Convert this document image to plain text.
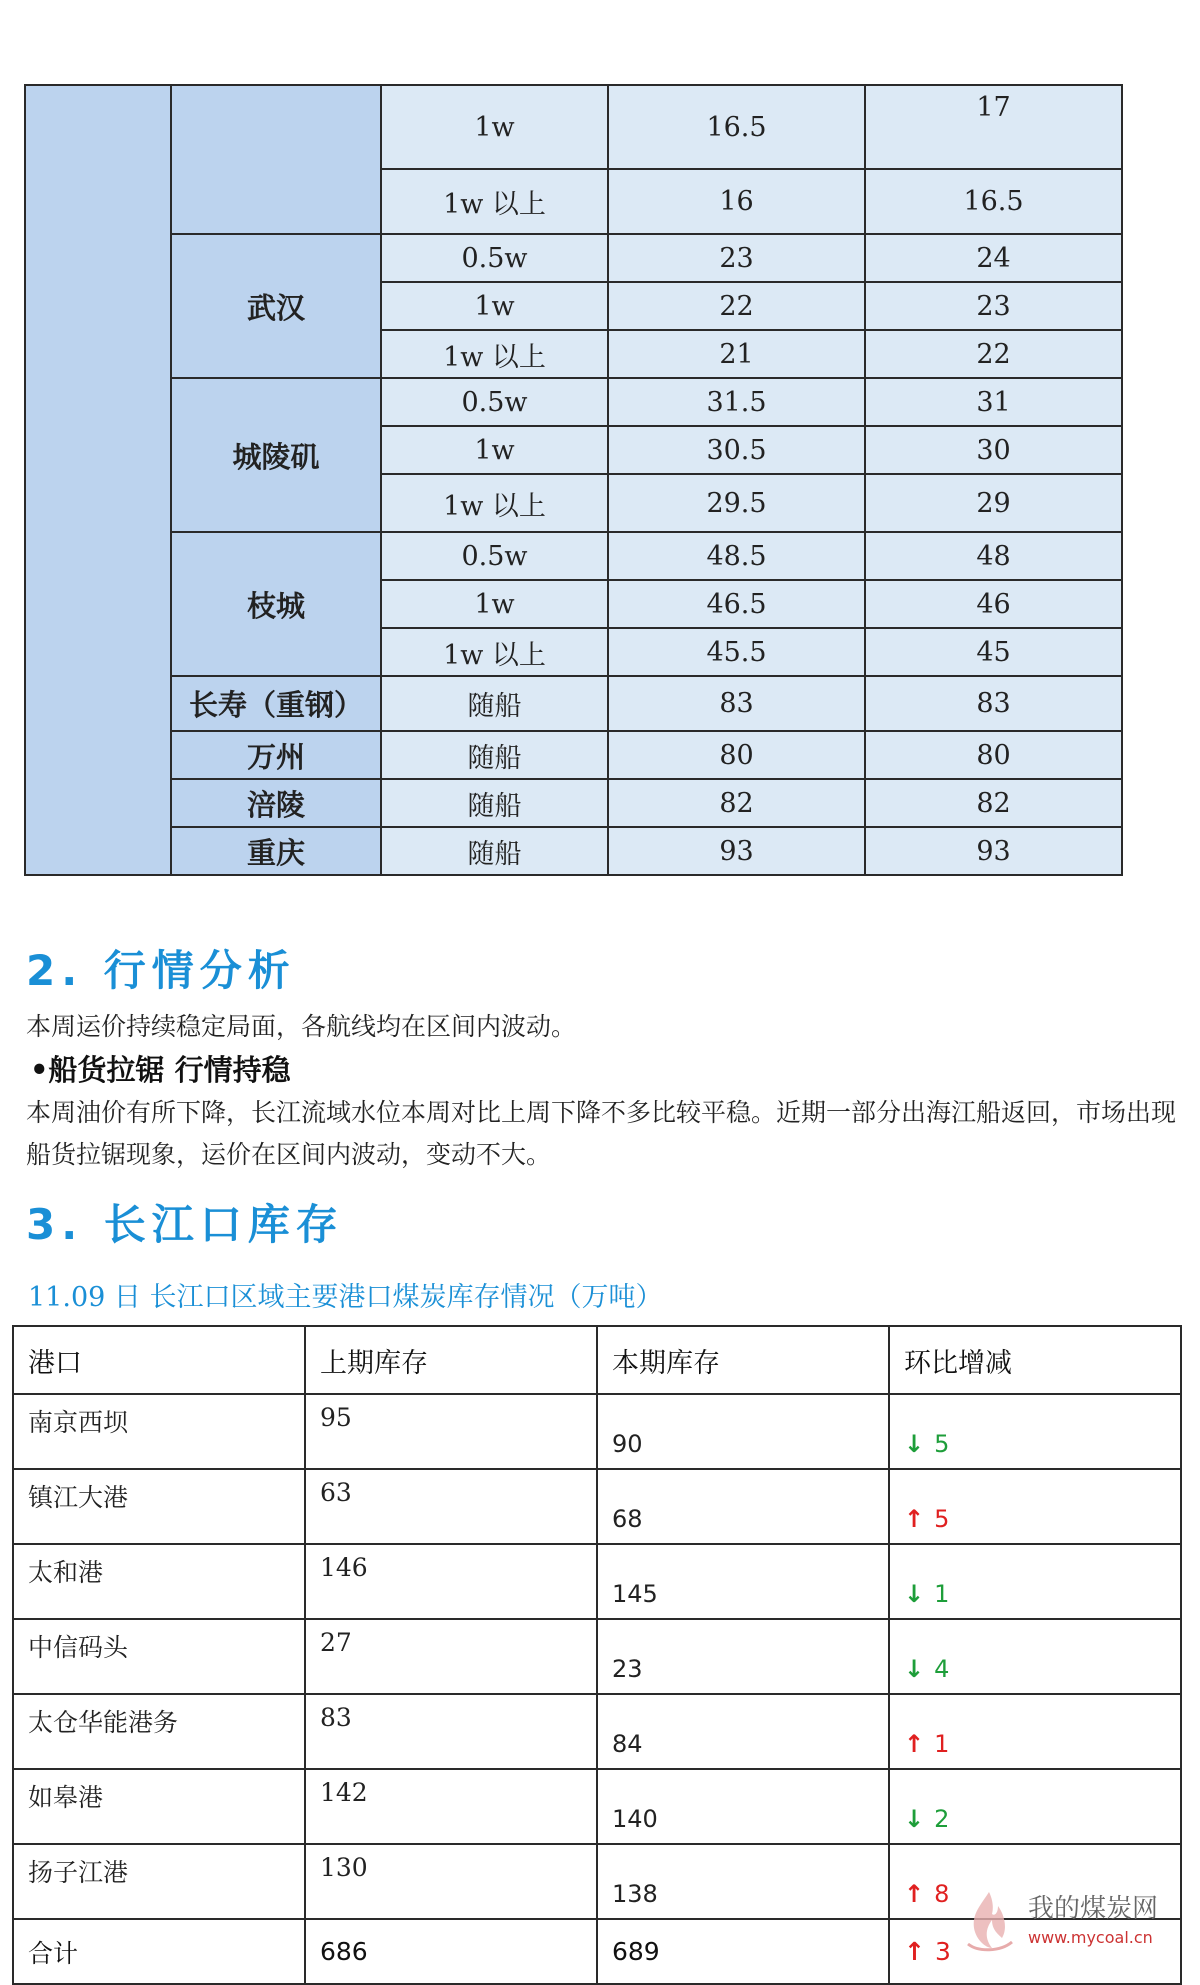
		1w	16.5	17
		1w 以上	16	16.5
	武汉	0.5w	23	24
		1w	22	23
		1w 以上	21	22
	城陵矶	0.5w	31.5	31
		1w	30.5	30
		1w 以上	29.5	29
	枝城	0.5w	48.5	48
		1w	46.5	46
		1w 以上	45.5	45
	长寿（重钢）	随船	83	83
	万州	随船	80	80
	涪陵	随船	82	82
	重庆	随船	93	93
2. 行情分析

本周运价持续稳定局面，各航线均在区间内波动。

•船货拉锯 行情持稳

本周油价有所下降，长江流域水位本周对比上周下降不多比较平稳。近期一部分出海江船返回，市场出现船货拉锯现象，运价在区间内波动，变动不大。

3. 长江口库存

11.09 日 长江口区域主要港口煤炭库存情况（万吨）

港口	上期库存	本期库存	环比增减
南京西坝	95	90	↓ 5
镇江大港	63	68	↑ 5
太和港	146	145	↓ 1
中信码头	27	23	↓ 4
太仓华能港务	83	84	↑ 1
如皋港	142	140	↓ 2
扬子江港	130	138	↑ 8
合计	686	689	↑ 3
我的煤炭网
www.mycoal.cn
